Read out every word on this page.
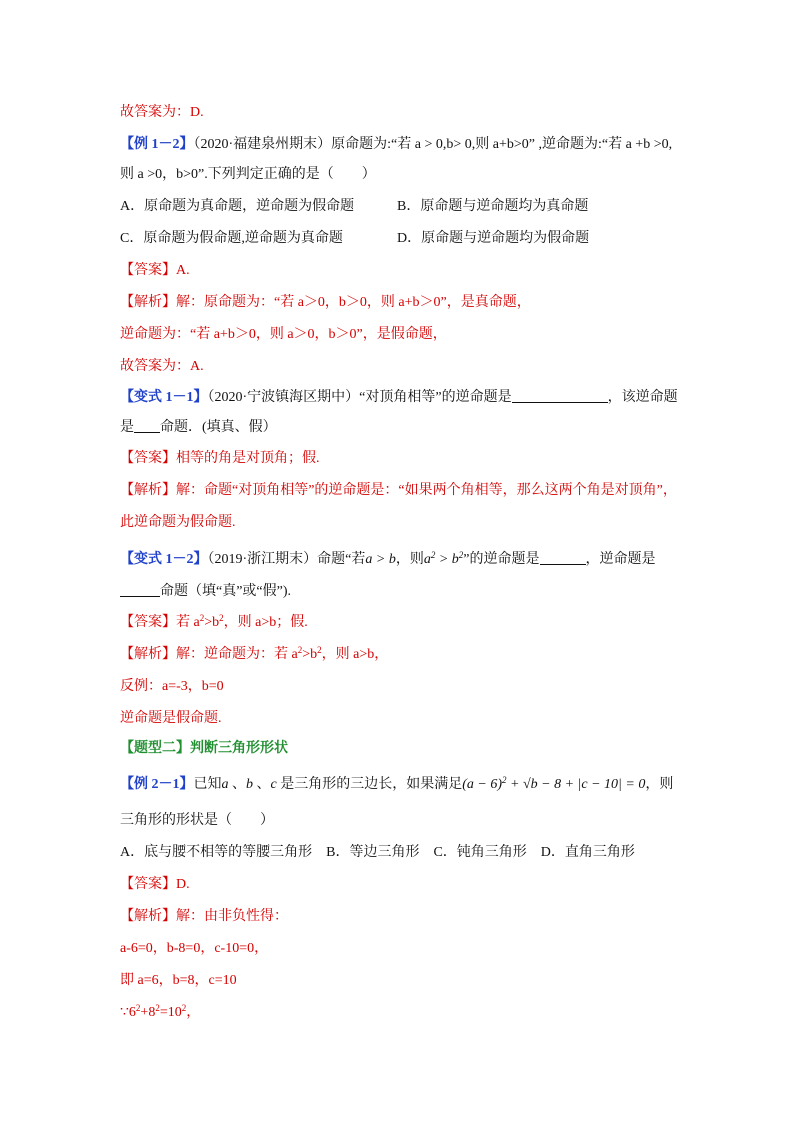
故答案为：D.
【例 1－2】（2020·福建泉州期末）原命题为:“若 a > 0,b> 0,则 a+b>0” ,逆命题为:“若 a +b >0,
则 a >0，b>0”.下列判定正确的是（　　）
A．原命题为真命题，逆命题为假命题	B．原命题与逆命题均为真命题
C．原命题为假命题,逆命题为真命题	D．原命题与逆命题均为假命题
【答案】A.
【解析】解：原命题为：“若 a＞0，b＞0，则 a+b＞0”，是真命题，
逆命题为：“若 a+b＞0，则 a＞0，b＞0”，是假命题，
故答案为：A.
【变式 1－1】（2020·宁波镇海区期中）“对顶角相等”的逆命题是	，该逆命题
是 命题．(填真、假）
【答案】相等的角是对顶角；假.
【解析】解：命题“对顶角相等”的逆命题是：“如果两个角相等，那么这两个角是对顶角”，
此逆命题为假命题.
【变式 1－2】（2019·浙江期末）命题“若a > b，则$a^2 > b^2$”的逆命题是	，逆命题是
命题（填“真”或“假”).
【答案】若 $a^2>b^2$，则 a>b；假.
【解析】解：逆命题为：若 $a^2>b^2$，则 a>b，
反例：a=-3，b=0
逆命题是假命题.
【题型二】判断三角形形状
【例 2－1】已知a 、b 、c 是三角形的三边长，如果满足$(a - 6)^2 + √b - 8 + |c - 10| = 0$，则
三角形的形状是（　　）
A．底与腰不相等的等腰三角形　B．等边三角形　C．钝角三角形　D．直角三角形
【答案】D.
【解析】解：由非负性得：
a-6=0，b-8=0，c-10=0，
即 a=6，b=8，c=10
$\because 6^2+8^2=10^2$，
